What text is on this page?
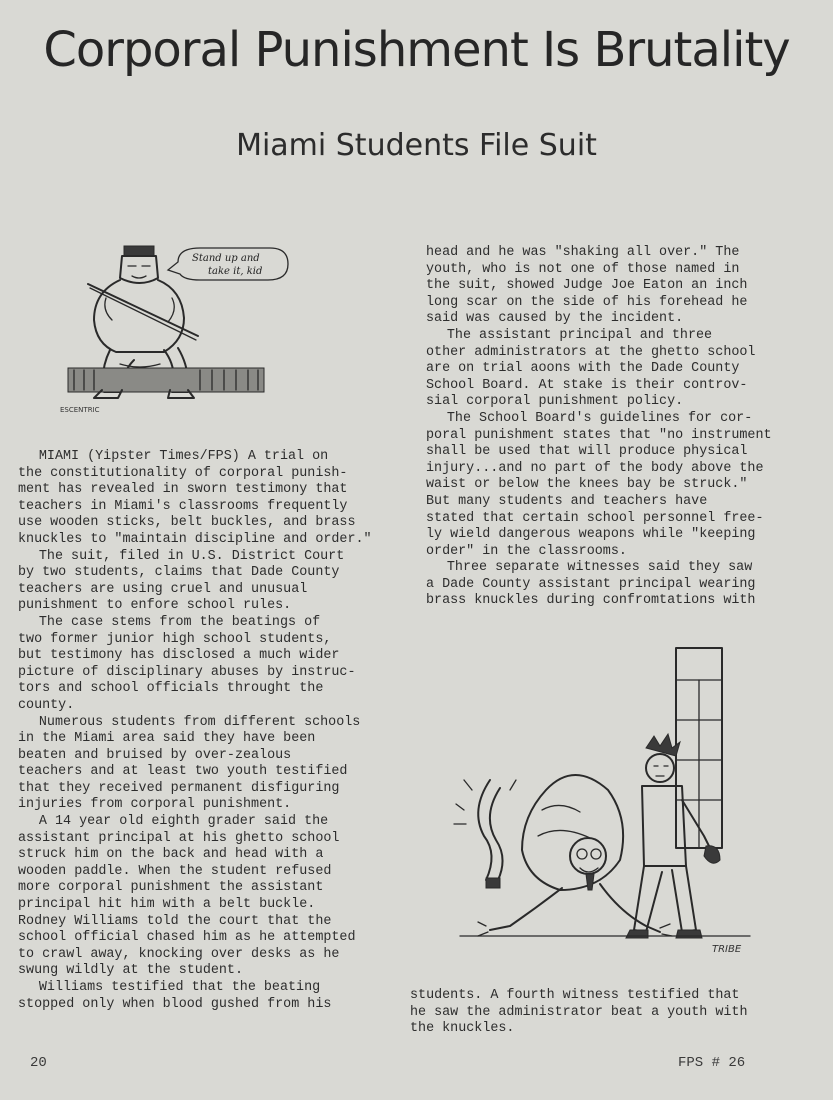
Corporal Punishment Is Brutality
Miami Students File Suit
Stand up and
take it, kid
ESCENTRIC

MIAMI (Yipster Times/FPS) A trial on
the constitutionality of corporal punish-
ment has revealed in sworn testimony that
teachers in Miami's classrooms frequently
use wooden sticks, belt buckles, and brass
knuckles to "maintain discipline and order."

The suit, filed in U.S. District Court
by two students, claims that Dade County
teachers are using cruel and unusual
punishment to enfore school rules.

The case stems from the beatings of
two former junior high school students,
but testimony has disclosed a much wider
picture of disciplinary abuses by instruc-
tors and school officials throught the
county.

Numerous students from different schools
in the Miami area said they have been
beaten and bruised by over-zealous
teachers and at least two youth testified
that they received permanent disfiguring
injuries from corporal punishment.

A 14 year old eighth grader said the
assistant principal at his ghetto school
struck him on the back and head with a
wooden paddle. When the student refused
more corporal punishment the assistant
principal hit him with a belt buckle.
Rodney Williams told the court that the
school official chased him as he attempted
to crawl away, knocking over desks as he
swung wildly at the student.

Williams testified that the beating
stopped only when blood gushed from his

head and he was "shaking all over." The
youth, who is not one of those named in
the suit, showed Judge Joe Eaton an inch
long scar on the side of his forehead he
said was caused by the incident.

The assistant principal and three
other administrators at the ghetto school
are on trial aoons with the Dade County
School Board. At stake is their controv-
sial corporal punishment policy.

The School Board's guidelines for cor-
poral punishment states that "no instrument
shall be used that will produce physical
injury...and no part of the body above the
waist or below the knees bay be struck."
But many students and teachers have
stated that certain school personnel free-
ly wield dangerous weapons while "keeping
order" in the classrooms.

Three separate witnesses said they saw
a Dade County assistant principal wearing
brass knuckles during confromtations with

TRIBE

students. A fourth witness testified that
he saw the administrator beat a youth with
the knuckles.

20	FPS # 26
